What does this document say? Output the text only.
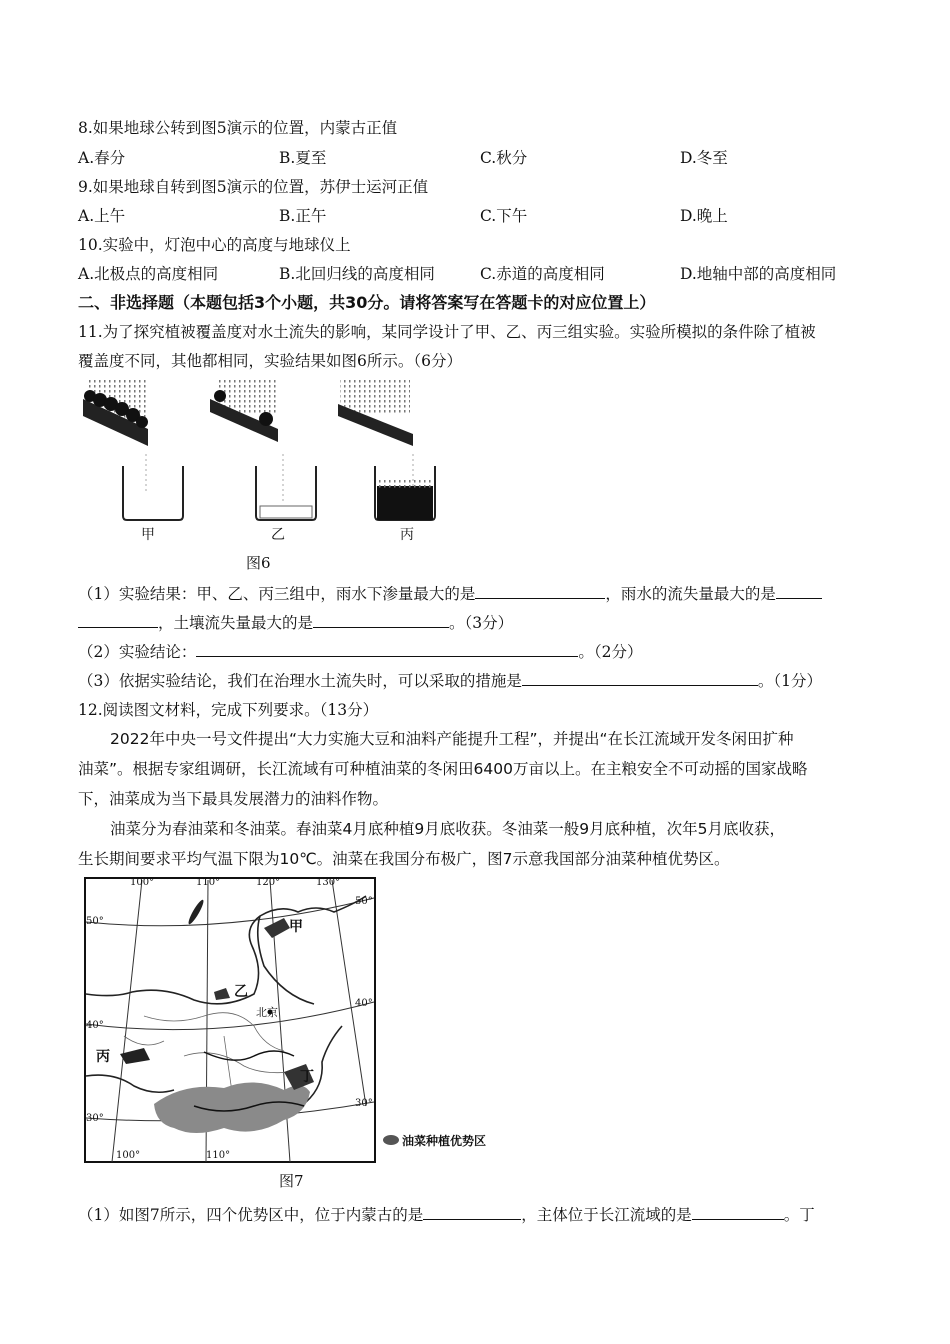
8.如果地球公转到图5演示的位置，内蒙古正值
A.春分	B.夏至	C.秋分	D.冬至
9.如果地球自转到图5演示的位置，苏伊士运河正值
A.上午	B.正午	C.下午	D.晚上
10.实验中，灯泡中心的高度与地球仪上
A.北极点的高度相同	B.北回归线的高度相同	C.赤道的高度相同	D.地轴中部的高度相同
二、非选择题（本题包括3个小题，共30分。请将答案写在答题卡的对应位置上）
11.为了探究植被覆盖度对水土流失的影响，某同学设计了甲、乙、丙三组实验。实验所模拟的条件除了植被
覆盖度不同，其他都相同，实验结果如图6所示。（6分）
甲	乙	丙
图6
（1）实验结果：甲、乙、丙三组中，雨水下渗量最大的是	，雨水的流失量最大的是
，土壤流失量最大的是	。（3分）
（2）实验结论：	。（2分）
（3）依据实验结论，我们在治理水土流失时，可以采取的措施是	。（1分）
12.阅读图文材料，完成下列要求。（13分）
2022年中央一号文件提出“大力实施大豆和油料产能提升工程”，并提出“在长江流域开发冬闲田扩种
油菜”。根据专家组调研，长江流域有可种植油菜的冬闲田6400万亩以上。在主粮安全不可动摇的国家战略
下，油菜成为当下最具发展潜力的油料作物。
油菜分为春油菜和冬油菜。春油菜4月底种植9月底收获。冬油菜一般9月底种植，次年5月底收获，
生长期间要求平均气温下限为10℃。油菜在我国分布极广，图7示意我国部分油菜种植优势区。
100°	110°	120°	130°
100°	110°
50°
40°
30°
50°
40°
30°
甲
乙
丙
丁
北京
油菜种植优势区
图7
（1）如图7所示，四个优势区中，位于内蒙古的是	，主体位于长江流域的是	。丁
